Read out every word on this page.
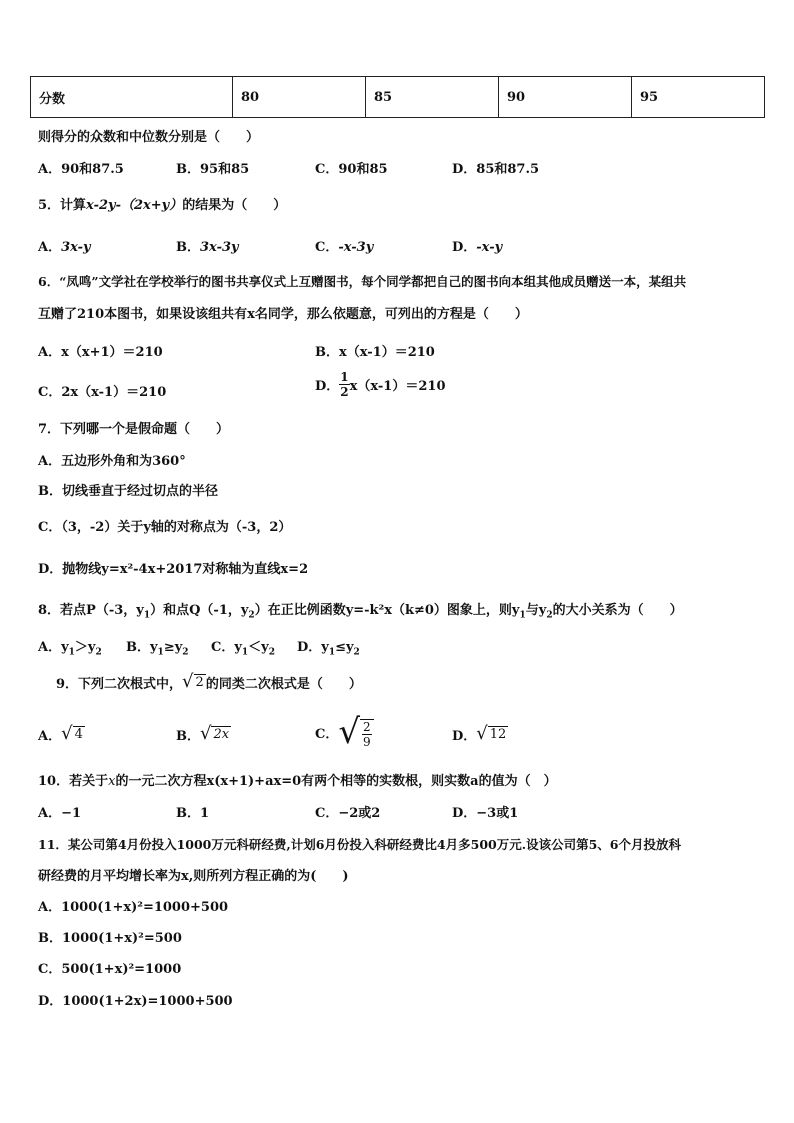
分数	80	85	90	95
则得分的众数和中位数分别是（　　）
A．90和87.5	B．95和85	C．90和85	D．85和87.5
5．计算x-2y-（2x+y）的结果为（　　）
A．3x-y	B．3x-3y	C．-x-3y	D．-x-y
6．“凤鸣”文学社在学校举行的图书共享仪式上互赠图书，每个同学都把自己的图书向本组其他成员赠送一本，某组共
互赠了210本图书，如果设该组共有x名同学，那么依题意，可列出的方程是（　　）
A．x（x+1）＝210	B．x（x-1）＝210
C．2x（x-1）＝210	D． $\frac{1}{2} x(x-1)=210$
7．下列哪一个是假命题（　　）
A．五边形外角和为360°
B．切线垂直于经过切点的半径
C．（3，-2）关于y轴的对称点为（-3，2）
D．抛物线y=x²-4x+2017对称轴为直线x=2
8．若点P（-3，$y_1$）和点Q（-1，$y_2$）在正比例函数y=-k²x（k≠0）图象上，则$y_1$与$y_2$的大小关系为（　　）
A．$y_1>y_2$ B．$y_1\ge y_2$ C．$y_1<y_2$ D．$y_1\le y_2$
9．下列二次根式中， √ 2 的同类二次根式是（　　）
A． √ 4	B． √ 2x	C． √ $\frac{2}{9}$	D． √ 12
10．若关于x的一元二次方程x(x+1)+ax=0有两个相等的实数根，则实数a的值为（　）
A．−1	B．1	C．−2或2	D．−3或1
11．某公司第4月份投入1000万元科研经费,计划6月份投入科研经费比4月多500万元.设该公司第5、6个月投放科
研经费的月平均增长率为x,则所列方程正确的为(　　)
A．1000(1+x)²=1000+500
B．1000(1+x)²=500
C．500(1+x)²=1000
D．1000(1+2x)=1000+500
